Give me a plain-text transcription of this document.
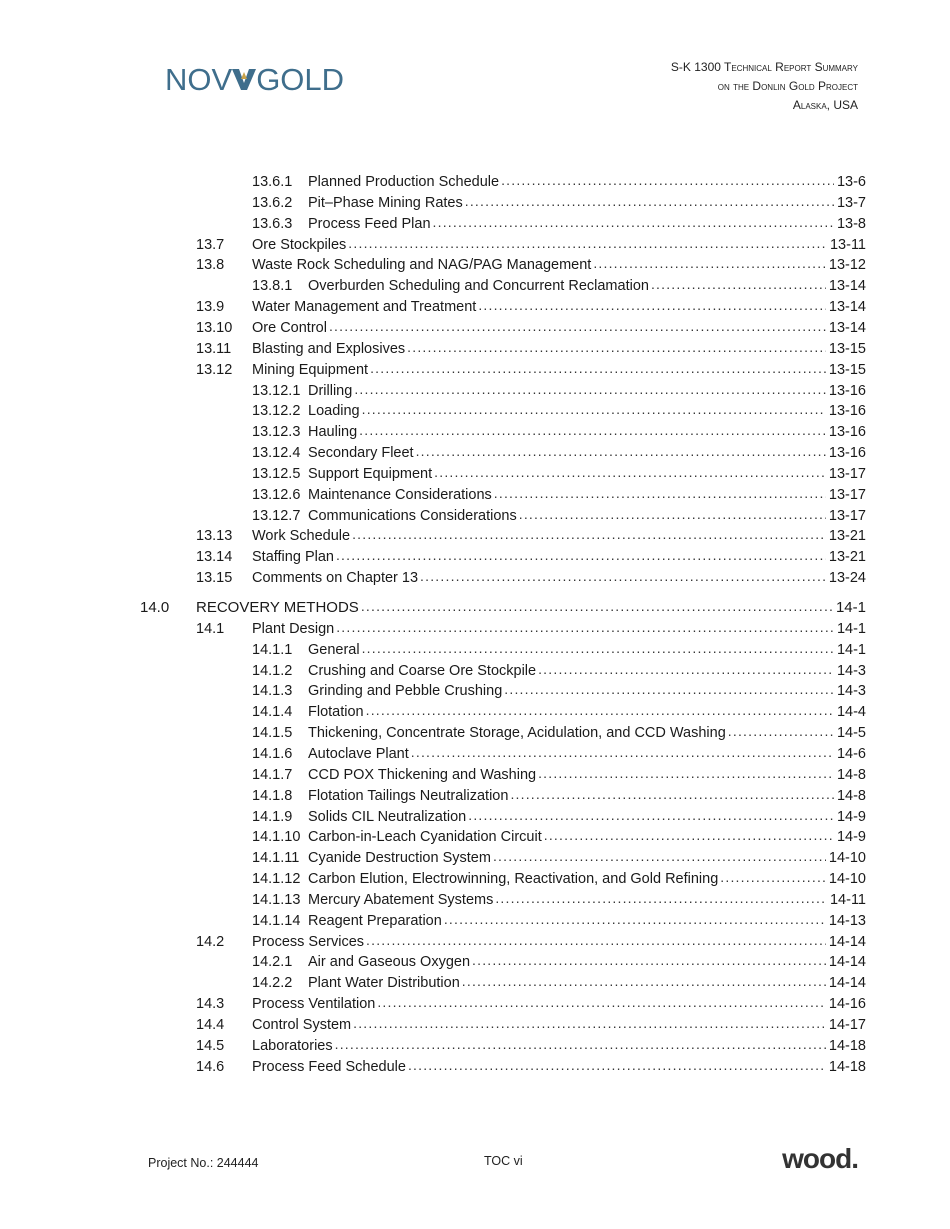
NOV GOLD	S-K 1300 Technical Report Summary
on the Donlin Gold Project
Alaska, USA
13.6.1	Planned Production Schedule .....	13-6
13.6.2	Pit–Phase Mining Rates .....	13-7
13.6.3	Process Feed Plan .....	13-8
13.7	Ore Stockpiles .....	13-11
13.8	Waste Rock Scheduling and NAG/PAG Management .....	13-12
13.8.1	Overburden Scheduling and Concurrent Reclamation .....	13-14
13.9	Water Management and Treatment .....	13-14
13.10	Ore Control .....	13-14
13.11	Blasting and Explosives .....	13-15
13.12	Mining Equipment .....	13-15
13.12.1 Drilling .....	13-16
13.12.2 Loading .....	13-16
13.12.3 Hauling .....	13-16
13.12.4 Secondary Fleet .....	13-16
13.12.5 Support Equipment .....	13-17
13.12.6 Maintenance Considerations .....	13-17
13.12.7 Communications Considerations .....	13-17
13.13	Work Schedule .....	13-21
13.14	Staffing Plan .....	13-21
13.15	Comments on Chapter 13 .....	13-24
14.0	RECOVERY METHODS .....	14-1
14.1	Plant Design .....	14-1
14.1.1	General .....	14-1
14.1.2	Crushing and Coarse Ore Stockpile .....	14-3
14.1.3	Grinding and Pebble Crushing .....	14-3
14.1.4	Flotation .....	14-4
14.1.5	Thickening, Concentrate Storage, Acidulation, and CCD Washing .....	14-5
14.1.6	Autoclave Plant .....	14-6
14.1.7	CCD POX Thickening and Washing .....	14-8
14.1.8	Flotation Tailings Neutralization .....	14-8
14.1.9	Solids CIL Neutralization .....	14-9
14.1.10 Carbon-in-Leach Cyanidation Circuit .....	14-9
14.1.11 Cyanide Destruction System .....	14-10
14.1.12 Carbon Elution, Electrowinning, Reactivation, and Gold Refining .....	14-10
14.1.13 Mercury Abatement Systems .....	14-11
14.1.14 Reagent Preparation .....	14-13
14.2	Process Services .....	14-14
14.2.1	Air and Gaseous Oxygen .....	14-14
14.2.2	Plant Water Distribution .....	14-14
14.3	Process Ventilation .....	14-16
14.4	Control System .....	14-17
14.5	Laboratories .....	14-18
14.6	Process Feed Schedule .....	14-18
Project No.: 244444	TOC vi	wood.
